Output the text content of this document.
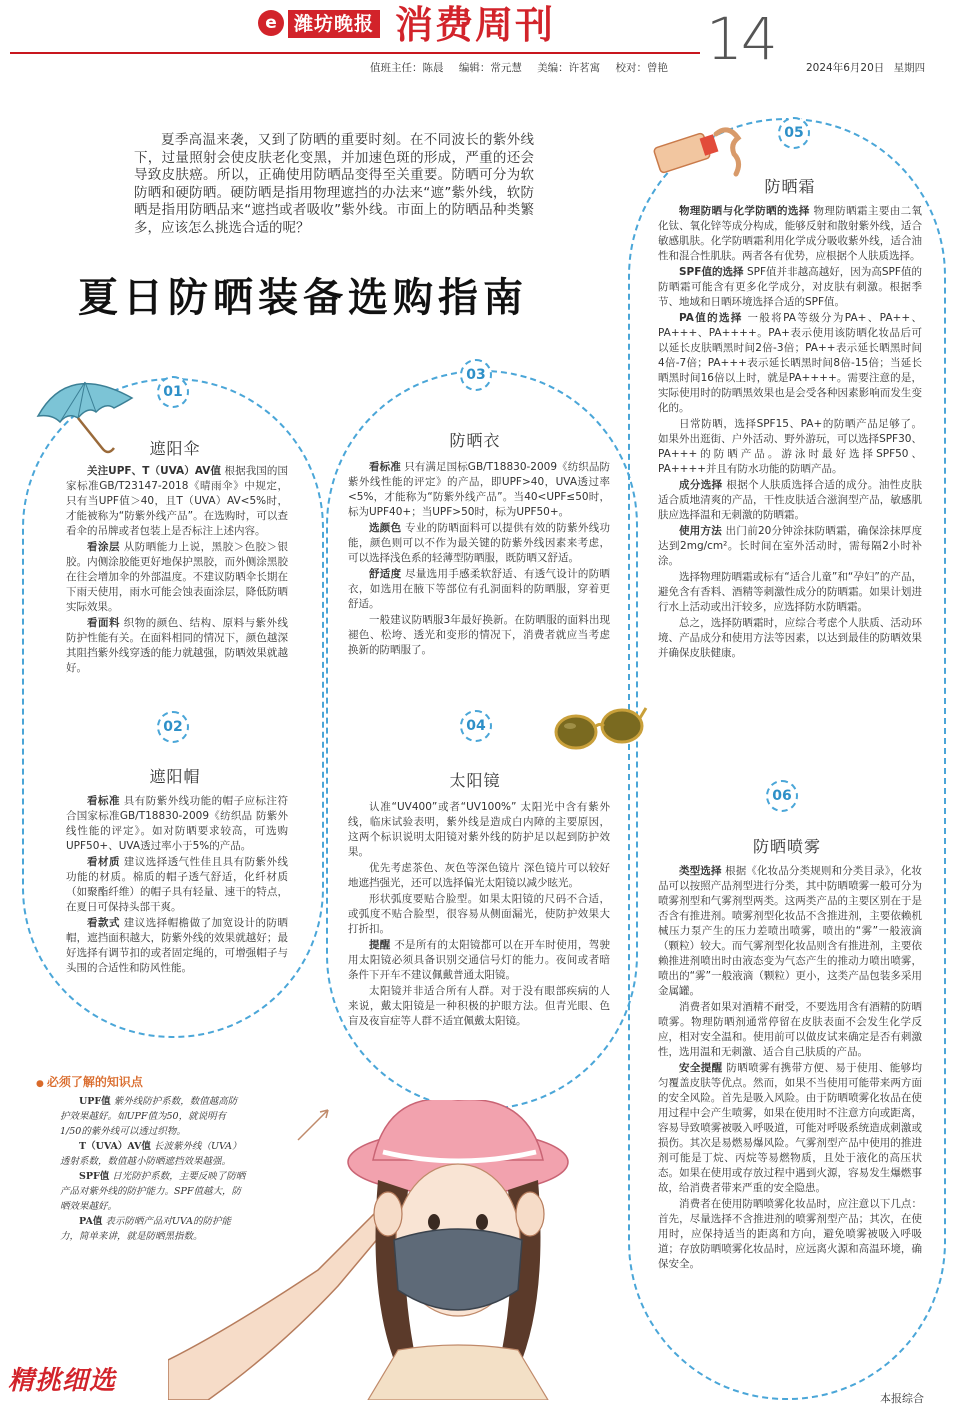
e 潍坊晚报 消费周刊	14
值班主任：陈晨 编辑：常元慧 美编：许茗寓 校对：曾艳	2024年6月20日 星期四
夏季高温来袭，又到了防晒的重要时刻。在不同波长的紫外线下，过量照射会使皮肤老化变黑，并加速色斑的形成，严重的还会导致皮肤癌。所以，正确使用防晒品变得至关重要。防晒可分为软防晒和硬防晒。硬防晒是指用物理遮挡的办法来“遮”紫外线，软防晒是指用防晒品来“遮挡或者吸收”紫外线。市面上的防晒品种类繁多，应该怎么挑选合适的呢？
夏日防晒装备选购指南
01
遮阳伞

关注UPF、T（UVA）AV值 根据我国的国家标准GB/T23147-2018《晴雨伞》中规定，只有当UPF值＞40，且T（UVA）AV<5%时，才能被称为“防紫外线产品”。在选购时，可以查看伞的吊牌或者包装上是否标注上述内容。

看涂层 从防晒能力上说，黑胶＞色胶＞银胶。内侧涂胶能更好地保护黑胶，而外侧涂黑胶在往会增加伞的外部温度。不建议防晒伞长期在下雨天使用，雨水可能会蚀表面涂层，降低防晒实际效果。

看面料 织物的颜色、结构、原料与紫外线防护性能有关。在面料相同的情况下，颜色越深其阻挡紫外线穿透的能力就越强，防晒效果就越好。

02
遮阳帽

看标准 具有防紫外线功能的帽子应标注符合国家标准GB/T18830-2009《纺织品 防紫外线性能的评定》。如对防晒要求较高，可选购UPF50+、UVA透过率小于5%的产品。

看材质 建议选择透气性佳且具有防紫外线功能的材质。棉质的帽子透气舒适，化纤材质（如聚酯纤维）的帽子具有轻量、速干的特点，在夏日可保持头部干爽。

看款式 建议选择帽檐做了加宽设计的防晒帽，遮挡面积越大，防紫外线的效果就越好；最好选择有调节扣的或者固定绳的，可增强帽子与头围的合适性和防风性能。

03
防晒衣

看标准 只有满足国标GB/T18830-2009《纺织品防紫外线性能的评定》的产品，即UPF>40，UVA透过率<5%，才能称为“防紫外线产品”。当40<UPF≤50时，标为UPF40+；当UPF>50时，标为UPF50+。

选颜色 专业的防晒面料可以提供有效的防紫外线功能，颜色则可以不作为最关键的防紫外线因素来考虑，可以选择浅色系的轻薄型防晒服，既防晒又舒适。

舒适度 尽量选用手感柔软舒适、有透气设计的防晒衣，如选用在腋下等部位有孔洞面料的防晒服，穿着更舒适。

一般建议防晒服3年最好换新。在防晒服的面料出现褪色、松垮、透光和变形的情况下，消费者就应当考虑换新的防晒服了。

04
太阳镜

认准“UV400”或者“UV100%” 太阳光中含有紫外线，临床试验表明，紫外线是造成白内障的主要原因，这两个标识说明太阳镜对紫外线的防护足以起到防护效果。

优先考虑茶色、灰色等深色镜片 深色镜片可以较好地遮挡强光，还可以选择偏光太阳镜以减少眩光。

形状弧度要贴合脸型。如果太阳镜的尺码不合适，或弧度不贴合脸型，很容易从侧面漏光，使防护效果大打折扣。

提醒 不是所有的太阳镜都可以在开车时使用，驾驶用太阳镜必须具备识别交通信号灯的能力。夜间或者暗条件下开车不建议佩戴普通太阳镜。

太阳镜并非适合所有人群。对于没有眼部疾病的人来说，戴太阳镜是一种积极的护眼方法。但青光眼、色盲及夜盲症等人群不适宜佩戴太阳镜。

05
防晒霜

物理防晒与化学防晒的选择 物理防晒霜主要由二氧化钛、氧化锌等成分构成，能够反射和散射紫外线，适合敏感肌肤。化学防晒霜利用化学成分吸收紫外线，适合油性和混合性肌肤。两者各有优势，应根据个人肤质选择。

SPF值的选择 SPF值并非越高越好，因为高SPF值的防晒霜可能含有更多化学成分，对皮肤有刺激。根据季节、地域和日晒环境选择合适的SPF值。

PA值的选择 一般将PA等级分为PA+、PA++、PA+++、PA++++。PA+表示使用该防晒化妆品后可以延长皮肤晒黑时间2倍-3倍；PA++表示延长晒黑时间4倍-7倍；PA+++表示延长晒黑时间8倍-15倍；当延长晒黑时间16倍以上时，就是PA++++。需要注意的是，实际使用时的防晒黑效果也是会受各种因素影响而发生变化的。

日常防晒，选择SPF15、PA+的防晒产品足够了。如果外出逛街、户外活动、野外游玩，可以选择SPF30、PA+++的防晒产品。游泳时最好选择SPF50、PA++++并且有防水功能的防晒产品。

成分选择 根据个人肤质选择合适的成分。油性皮肤适合质地清爽的产品，干性皮肤适合滋润型产品，敏感肌肤应选择温和无刺激的防晒霜。

使用方法 出门前20分钟涂抹防晒霜，确保涂抹厚度达到2mg/cm²。长时间在室外活动时，需每隔2小时补涂。

选择物理防晒霜或标有“适合儿童”和“孕妇”的产品，避免含有香料、酒精等刺激性成分的防晒霜。如果计划进行水上活动或出汗较多，应选择防水防晒霜。

总之，选择防晒霜时，应综合考虑个人肤质、活动环境、产品成分和使用方法等因素，以达到最佳的防晒效果并确保皮肤健康。

06
防晒喷雾

类型选择 根据《化妆品分类规则和分类目录》，化妆品可以按照产品剂型进行分类，其中防晒喷雾一般可分为喷雾剂型和气雾剂型两类。这两类产品的主要区别在于是否含有推进剂。喷雾剂型化妆品不含推进剂，主要依赖机械压力泵产生的压力差喷出喷雾，喷出的“雾”一般液滴（颗粒）较大。而气雾剂型化妆品则含有推进剂，主要依赖推进剂喷出时由液态变为气态产生的推动力喷出喷雾，喷出的“雾”一般液滴（颗粒）更小，这类产品包装多采用金属罐。

消费者如果对酒精不耐受，不要选用含有酒精的防晒喷雾。物理防晒剂通常停留在皮肤表面不会发生化学反应，相对安全温和。使用前可以做皮试来确定是否有刺激性，选用温和无刺激、适合自己肤质的产品。

安全提醒 防晒喷雾有携带方便、易于使用、能够均匀覆盖皮肤等优点。然而，如果不当使用可能带来两方面的安全风险。首先是吸入风险。由于防晒喷雾化妆品在使用过程中会产生喷雾，如果在使用时不注意方向或距离，容易导致喷雾被吸入呼吸道，可能对呼吸系统造成刺激或损伤。其次是易燃易爆风险。气雾剂型产品中使用的推进剂可能是丁烷、丙烷等易燃物质，且处于液化的高压状态。如果在使用或存放过程中遇到火源，容易发生爆燃事故，给消费者带来严重的安全隐患。

消费者在使用防晒喷雾化妆品时，应注意以下几点：首先，尽量选择不含推进剂的喷雾剂型产品；其次，在使用时，应保持适当的距离和方向，避免喷雾被吸入呼吸道；存放防晒喷雾化妆品时，应远离火源和高温环境，确保安全。

● 必须了解的知识点

UPF值 紫外线防护系数，数值越高防护效果越好。如UPF值为50，就说明有1/50的紫外线可以透过织物。

T（UVA）AV值 长波紫外线（UVA）透射系数，数值越小防晒遮挡效果越强。

SPF值 日光防护系数，主要反映了防晒产品对紫外线的防护能力。SPF值越大，防晒效果越好。

PA值 表示防晒产品对UVA的防护能力，简单来讲，就是防晒黑指数。

精挑细选
本报综合
